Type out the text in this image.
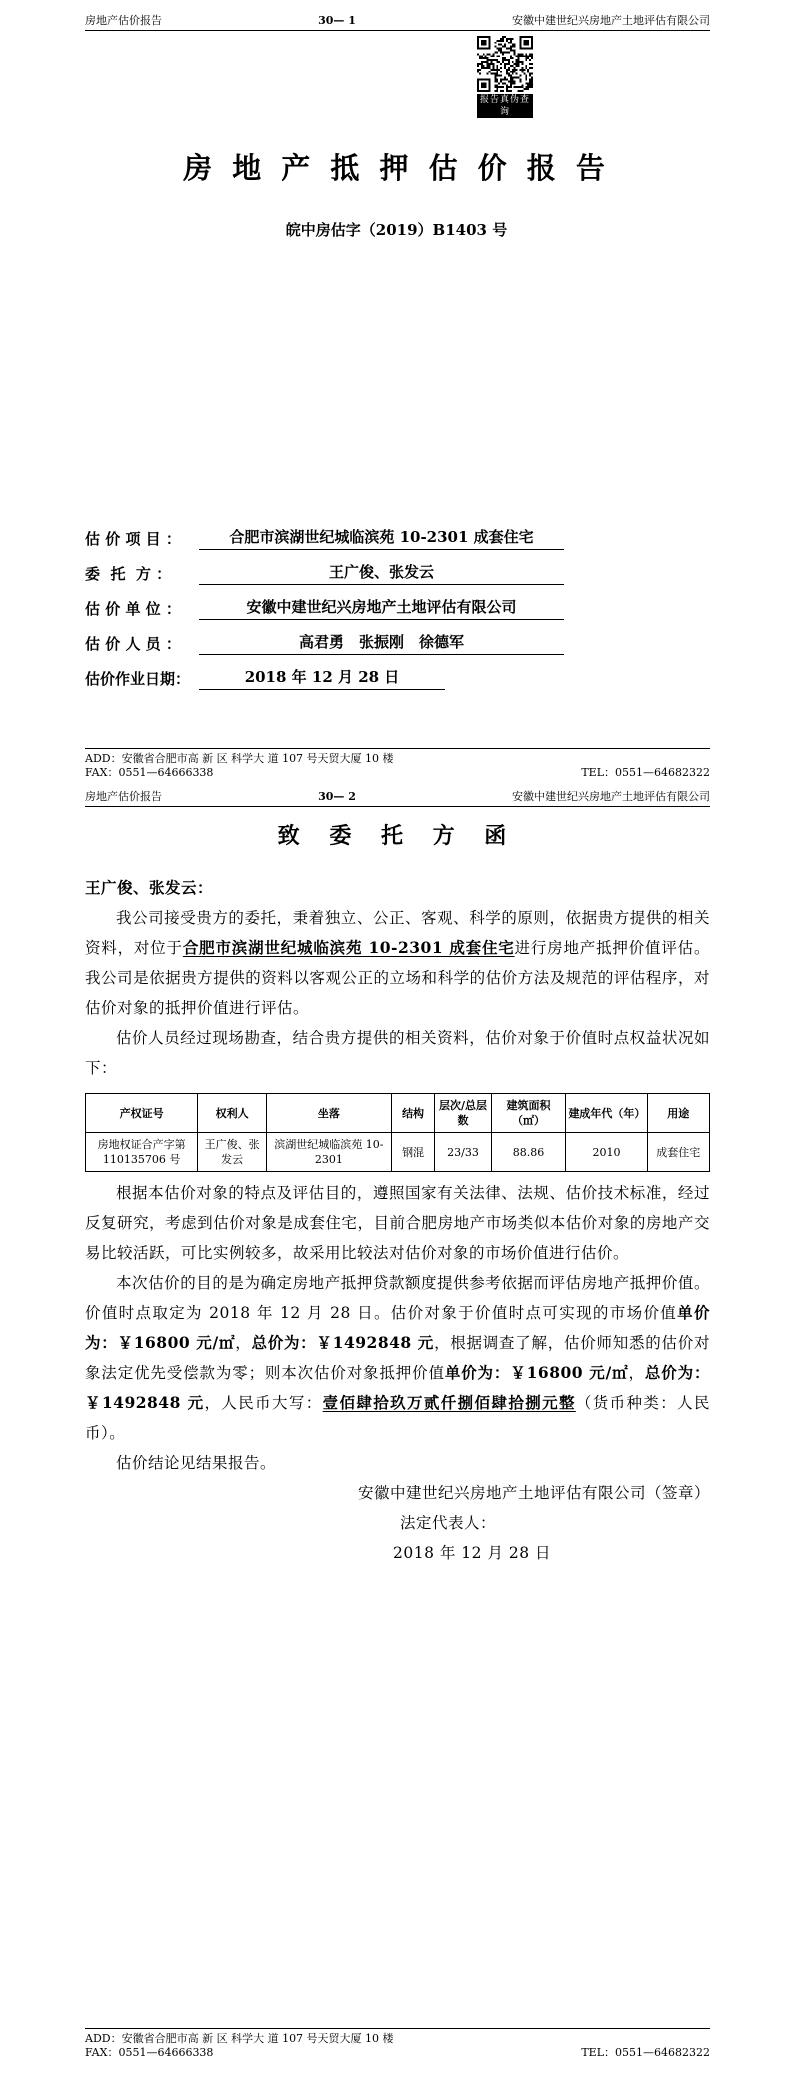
房地产估价报告	30— 1	安徽中建世纪兴房地产土地评估有限公司
报告真伪查询
房 地 产 抵 押 估 价 报 告
皖中房估字（2019）B1403 号
估 价 项 目 ：	合肥市滨湖世纪城临滨苑 10-2301 成套住宅
委  托  方 ：	王广俊、张发云
估 价 单 位 ：	安徽中建世纪兴房地产土地评估有限公司
估 价 人 员 ：	高君勇　张振刚　徐德军
估价作业日期：	2018 年 12 月 28 日
ADD：安徽省合肥市高 新 区 科学大 道 107 号天贸大厦 10 楼
FAX：0551—64666338	TEL：0551—64682322
房地产估价报告	30— 2	安徽中建世纪兴房地产土地评估有限公司
致 委 托 方 函
王广俊、张发云：

我公司接受贵方的委托，秉着独立、公正、客观、科学的原则，依据贵方提供的相关资料，对位于合肥市滨湖世纪城临滨苑 10-2301 成套住宅进行房地产抵押价值评估。我公司是依据贵方提供的资料以客观公正的立场和科学的估价方法及规范的评估程序，对估价对象的抵押价值进行评估。

估价人员经过现场勘查，结合贵方提供的相关资料，估价对象于价值时点权益状况如下：

产权证号	权利人	坐落	结构	层次/总层数	建筑面积（㎡）	建成年代（年）	用途
房地权证合产字第 110135706 号	王广俊、张发云	滨湖世纪城临滨苑 10-2301	钢混	23/33	88.86	2010	成套住宅

根据本估价对象的特点及评估目的，遵照国家有关法律、法规、估价技术标准，经过反复研究，考虑到估价对象是成套住宅，目前合肥房地产市场类似本估价对象的房地产交易比较活跃，可比实例较多，故采用比较法对估价对象的市场价值进行估价。

本次估价的目的是为确定房地产抵押贷款额度提供参考依据而评估房地产抵押价值。价值时点取定为 2018 年 12 月 28 日。估价对象于价值时点可实现的市场价值单价为：￥16800 元/㎡，总价为：￥1492848 元，根据调查了解，估价师知悉的估价对象法定优先受偿款为零；则本次估价对象抵押价值单价为：￥16800 元/㎡，总价为：￥1492848 元，人民币大写：壹佰肆拾玖万贰仟捌佰肆拾捌元整（货币种类：人民币）。

估价结论见结果报告。

安徽中建世纪兴房地产土地评估有限公司（签章）
法定代表人：
2018 年 12 月 28 日
ADD：安徽省合肥市高 新 区 科学大 道 107 号天贸大厦 10 楼
FAX：0551—64666338	TEL：0551—64682322
